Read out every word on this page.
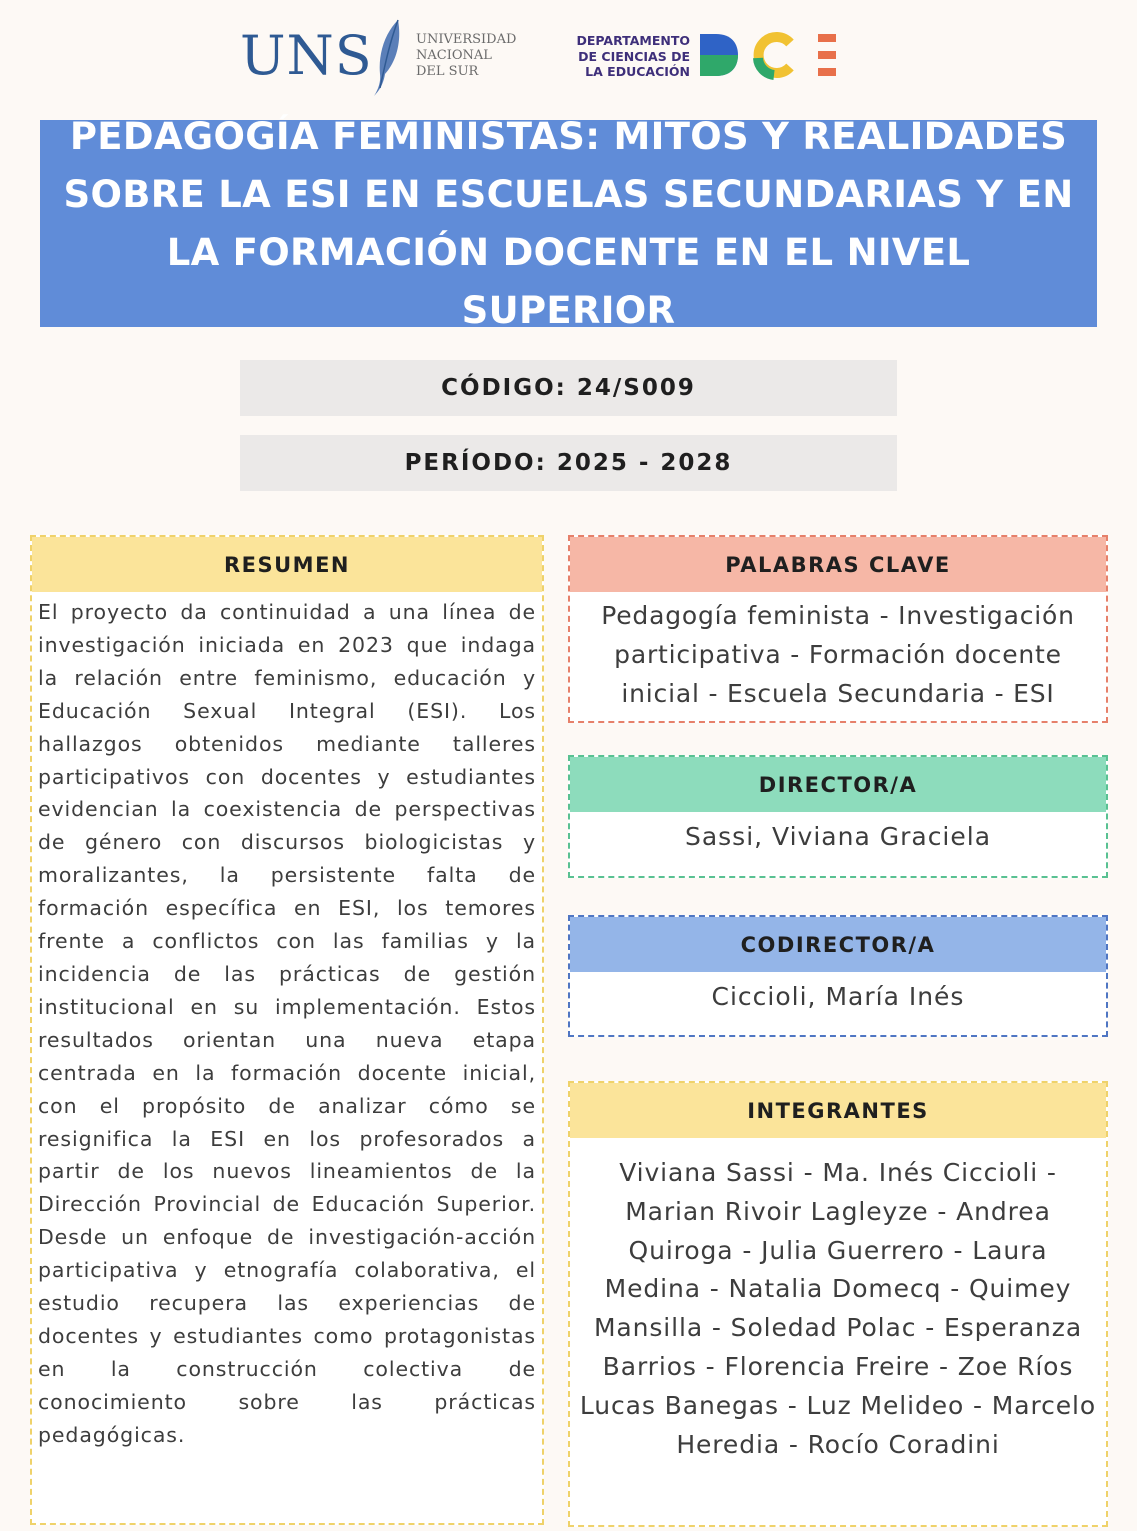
UNS	UNIVERSIDAD
NACIONAL
DEL SUR
DEPARTAMENTO
DE CIENCIAS DE
LA EDUCACIÓN
PEDAGOGÍA FEMINISTAS: MITOS Y REALIDADES SOBRE LA ESI EN ESCUELAS SECUNDARIAS Y EN LA FORMACIÓN DOCENTE EN EL NIVEL SUPERIOR
CÓDIGO: 24/S009
PERÍODO: 2025 - 2028
RESUMEN
El proyecto da continuidad a una línea de investigación iniciada en 2023 que indaga la relación entre feminismo, educación y Educación Sexual Integral (ESI). Los hallazgos obtenidos mediante talleres participativos con docentes y estudiantes evidencian la coexistencia de perspectivas de género con discursos biologicistas y moralizantes, la persistente falta de formación específica en ESI, los temores frente a conflictos con las familias y la incidencia de las prácticas de gestión institucional en su implementación. Estos resultados orientan una nueva etapa centrada en la formación docente inicial, con el propósito de analizar cómo se resignifica la ESI en los profesorados a partir de los nuevos lineamientos de la Dirección Provincial de Educación Superior. Desde un enfoque de investigación-acción participativa y etnografía colaborativa, el estudio recupera las experiencias de docentes y estudiantes como protagonistas en la construcción colectiva de conocimiento sobre las prácticas pedagógicas.
PALABRAS CLAVE
Pedagogía feminista - Investigación participativa - Formación docente inicial - Escuela Secundaria - ESI
DIRECTOR/A
Sassi, Viviana Graciela
CODIRECTOR/A
Ciccioli, María Inés
INTEGRANTES
Viviana Sassi - Ma. Inés Ciccioli - Marian Rivoir Lagleyze - Andrea Quiroga - Julia Guerrero - Laura Medina - Natalia Domecq - Quimey Mansilla - Soledad Polac - Esperanza Barrios - Florencia Freire - Zoe Ríos
Lucas Banegas - Luz Melideo - Marcelo Heredia - Rocío Coradini
